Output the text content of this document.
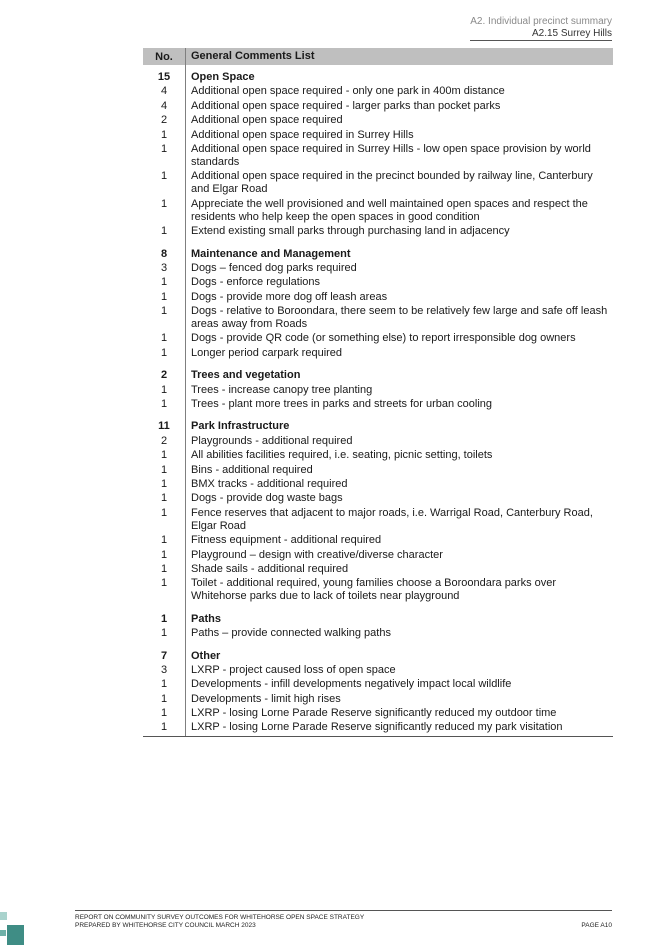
A2. Individual precinct summary
A2.15 Surrey Hills
No.	General Comments List
15	Open Space
4	Additional open space required - only one park in 400m distance
4	Additional open space required - larger parks than pocket parks
2	Additional open space required
1	Additional open space required in Surrey Hills
1	Additional open space required in Surrey Hills - low open space provision by world standards
1	Additional open space required in the precinct bounded by railway line, Canterbury and Elgar Road
1	Appreciate the well provisioned and well maintained open spaces and respect the residents who help keep the open spaces in good condition
1	Extend existing small parks through purchasing land in adjacency
8	Maintenance and Management
3	Dogs – fenced dog parks required
1	Dogs - enforce regulations
1	Dogs - provide more dog off leash areas
1	Dogs - relative to Boroondara, there seem to be relatively few large and safe off leash areas away from Roads
1	Dogs - provide QR code (or something else) to report irresponsible dog owners
1	Longer period carpark required
2	Trees and vegetation
1	Trees - increase canopy tree planting
1	Trees - plant more trees in parks and streets for urban cooling
11	Park Infrastructure
2	Playgrounds - additional required
1	All abilities facilities required, i.e. seating, picnic setting, toilets
1	Bins - additional required
1	BMX tracks - additional required
1	Dogs - provide dog waste bags
1	Fence reserves that adjacent to major roads, i.e. Warrigal Road, Canterbury Road, Elgar Road
1	Fitness equipment - additional required
1	Playground – design with creative/diverse character
1	Shade sails - additional required
1	Toilet - additional required, young families choose a Boroondara parks over Whitehorse parks due to lack of toilets near playground
1	Paths
1	Paths – provide connected walking paths
7	Other
3	LXRP - project caused loss of open space
1	Developments - infill developments negatively impact local wildlife
1	Developments - limit high rises
1	LXRP - losing Lorne Parade Reserve significantly reduced my outdoor time
1	LXRP - losing Lorne Parade Reserve significantly reduced my park visitation
REPORT ON COMMUNITY SURVEY OUTCOMES FOR WHITEHORSE OPEN SPACE STRATEGY
PREPARED BY WHITEHORSE CITY COUNCIL MARCH 2023	PAGE A10
